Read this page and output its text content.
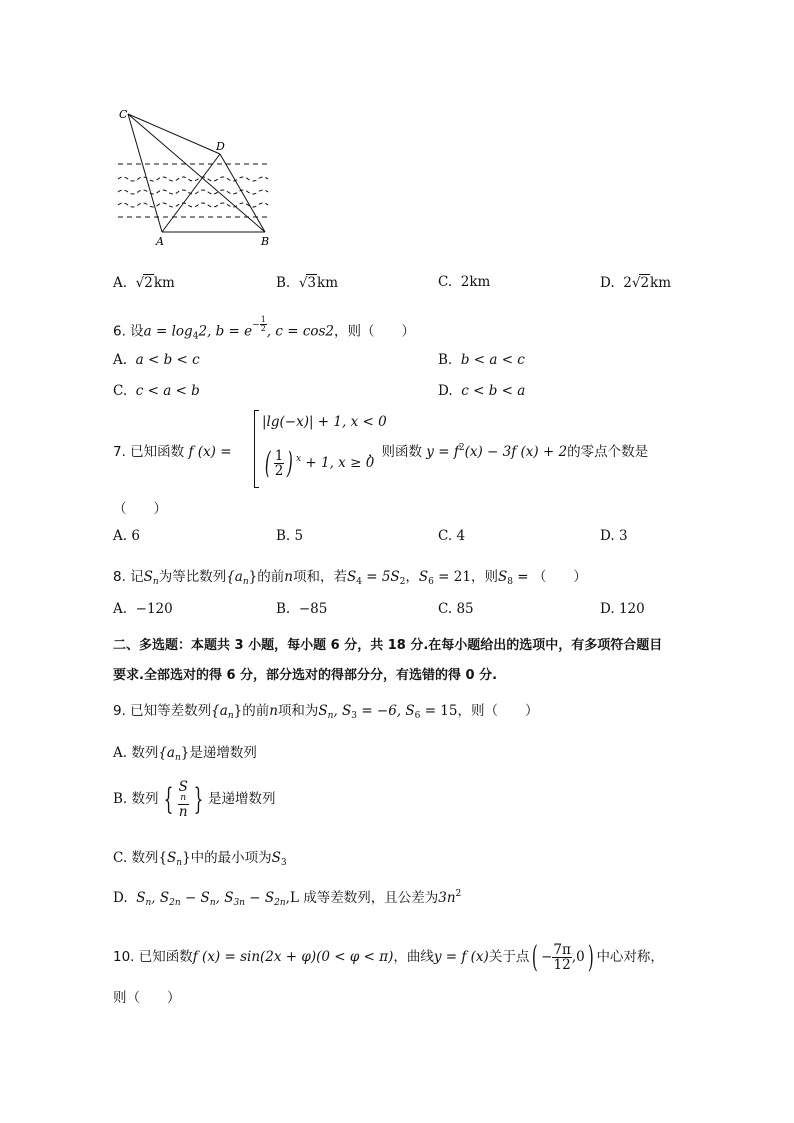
C
D
A	B
A. √2km	B. √3km	C. 2km	D. 2√2km
6. 设$a = \log_42$, $b = e- \frac{1}{2}$ , c = cos2，则（　　）
A. a < b < c	B. b < a < c
C. c < a < b	D. c < b < a
7. 已知函数 f (x) =
|lg(−x)| + 1, x < 0
( $\frac{1}{2}$ ) $^x$ + 1, x ≥ 0
，则函数 $y = f^2(x) - 3f$ (x) + 2的零点个数是
（　　）
A. 6	B. 5	C. 4	D. 3
8. 记$S_n$为等比数列$\{a_n\}$的前n项和，若$S_4 = 5S_2$，$S_6 = 21$，则$S_8$ = （　　）
A. −120	B. −85	C. 85	D. 120
二、多选题：本题共 3 小题，每小题 6 分，共 18 分.在每小题给出的选项中，有多项符合题目
要求.全部选对的得 6 分，部分选对的得部分分，有选错的得 0 分.
9. 已知等差数列$\{a_n\}$的前n项和为$S_n$, $S_3 = -6$, $S_6 = 15$，则（　　）
A. 数列$\{a_n\}$是递增数列
B. 数列 { S
n
n } 是递增数列
C. 数列$\{S_n\}$中的最小项为$S_3$
D. $S_n$, $S_{2n} - S_n$, $S_{3n} - S_{2n},L$ 成等差数列，且公差为$3n^2$
10. 已知函数f (x) = sin(2x + φ)(0 < φ < π)，曲线y = f (x)关于点( − $\frac{7\pi}{12} ,0$) 中心对称，
则（　　）
